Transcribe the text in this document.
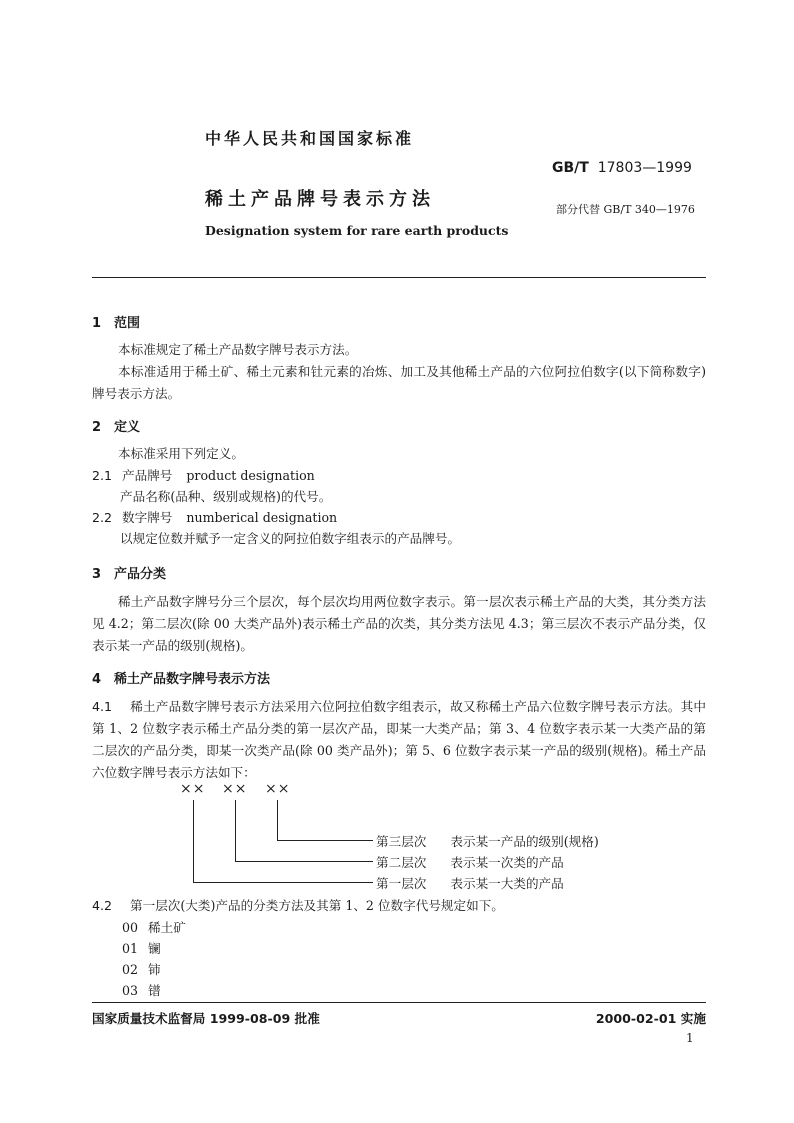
中华人民共和国国家标准
GB/T 17803—1999
稀土产品牌号表示方法	部分代替 GB/T 340—1976
Designation system for rare earth products
1 范围
本标准规定了稀土产品数字牌号表示方法。
本标准适用于稀土矿、稀土元素和钍元素的冶炼、加工及其他稀土产品的六位阿拉伯数字(以下简称数字)牌号表示方法。
2 定义
本标准采用下列定义。
2.1 产品牌号 product designation
产品名称(品种、级别或规格)的代号。
2.2 数字牌号 numberical designation
以规定位数并赋予一定含义的阿拉伯数字组表示的产品牌号。
3 产品分类
稀土产品数字牌号分三个层次，每个层次均用两位数字表示。第一层次表示稀土产品的大类，其分类方法见 4.2；第二层次(除 00 大类产品外)表示稀土产品的次类，其分类方法见 4.3；第三层次不表示产品分类，仅表示某一产品的级别(规格)。
4 稀土产品数字牌号表示方法
4.1 稀土产品数字牌号表示方法采用六位阿拉伯数字组表示，故又称稀土产品六位数字牌号表示方法。其中第 1、2 位数字表示稀土产品分类的第一层次产品，即某一大类产品；第 3、4 位数字表示某一大类产品的第二层次的产品分类，即某一次类产品(除 00 类产品外)；第 5、6 位数字表示某一产品的级别(规格)。稀土产品六位数字牌号表示方法如下：
×× ×× ××
第三层次 表示某一产品的级别(规格)
第二层次 表示某一次类的产品
第一层次 表示某一大类的产品
4.2 第一层次(大类)产品的分类方法及其第 1、2 位数字代号规定如下。
00 稀土矿
01 镧
02 铈
03 镨
国家质量技术监督局 1999-08-09 批准	2000-02-01 实施
1
